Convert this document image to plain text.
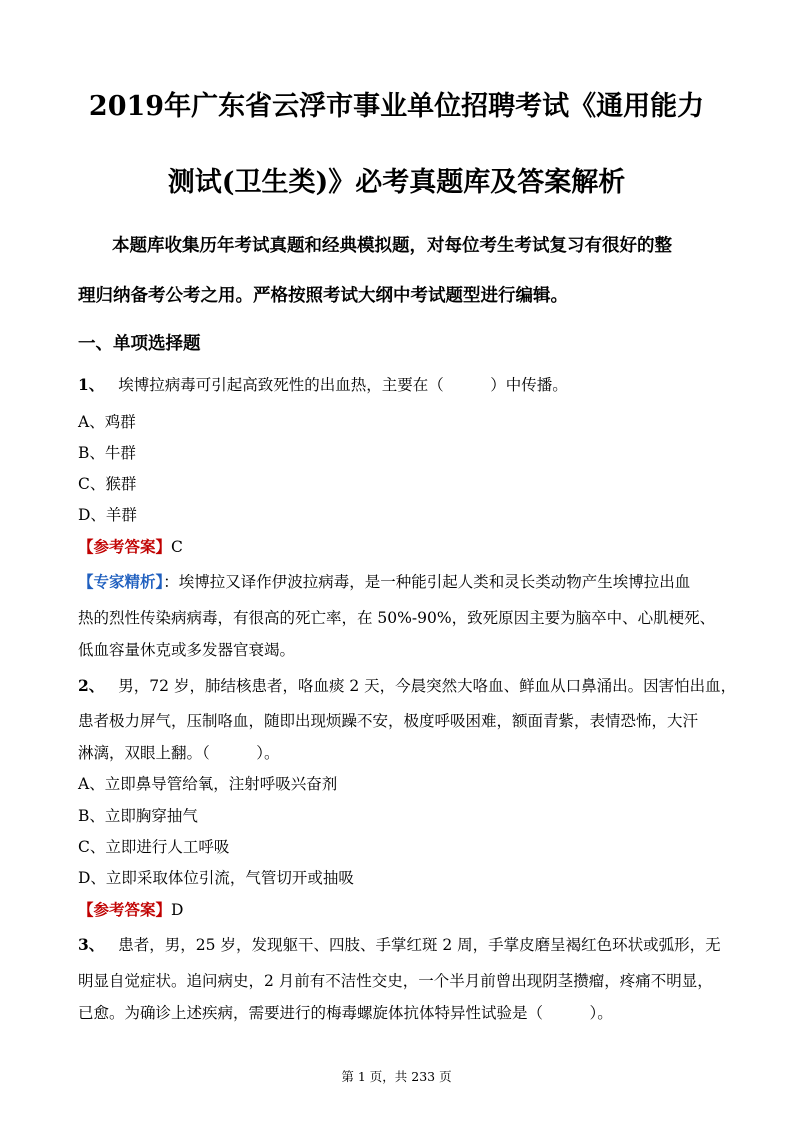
2019年广东省云浮市事业单位招聘考试《通用能力
测试(卫生类)》必考真题库及答案解析
本题库收集历年考试真题和经典模拟题，对每位考生考试复习有很好的整
理归纳备考公考之用。严格按照考试大纲中考试题型进行编辑。
一、单项选择题
1、 埃博拉病毒可引起高致死性的出血热，主要在（　　　）中传播。
A、鸡群
B、牛群
C、猴群
D、羊群
【参考答案】C
【专家精析】：埃博拉又译作伊波拉病毒，是一种能引起人类和灵长类动物产生埃博拉出血
热的烈性传染病病毒，有很高的死亡率，在 50%-90%，致死原因主要为脑卒中、心肌梗死、
低血容量休克或多发器官衰竭。
2、 男，72 岁，肺结核患者，咯血痰 2 天，今晨突然大咯血、鲜血从口鼻涌出。因害怕出血，
患者极力屏气，压制咯血，随即出现烦躁不安，极度呼吸困难，额面青紫，表情恐怖，大汗
淋漓，双眼上翻。（　　　）。
A、立即鼻导管给氧，注射呼吸兴奋剂
B、立即胸穿抽气
C、立即进行人工呼吸
D、立即采取体位引流，气管切开或抽吸
【参考答案】D
3、 患者，男，25 岁，发现躯干、四肢、手掌红斑 2 周，手掌皮磨呈褐红色环状或弧形，无
明显自觉症状。追问病史，2 月前有不洁性交史，一个半月前曾出现阴茎攒瘤，疼痛不明显，
已愈。为确诊上述疾病，需要进行的梅毒螺旋体抗体特异性试验是（　　　）。
第 1 页，共 233 页
